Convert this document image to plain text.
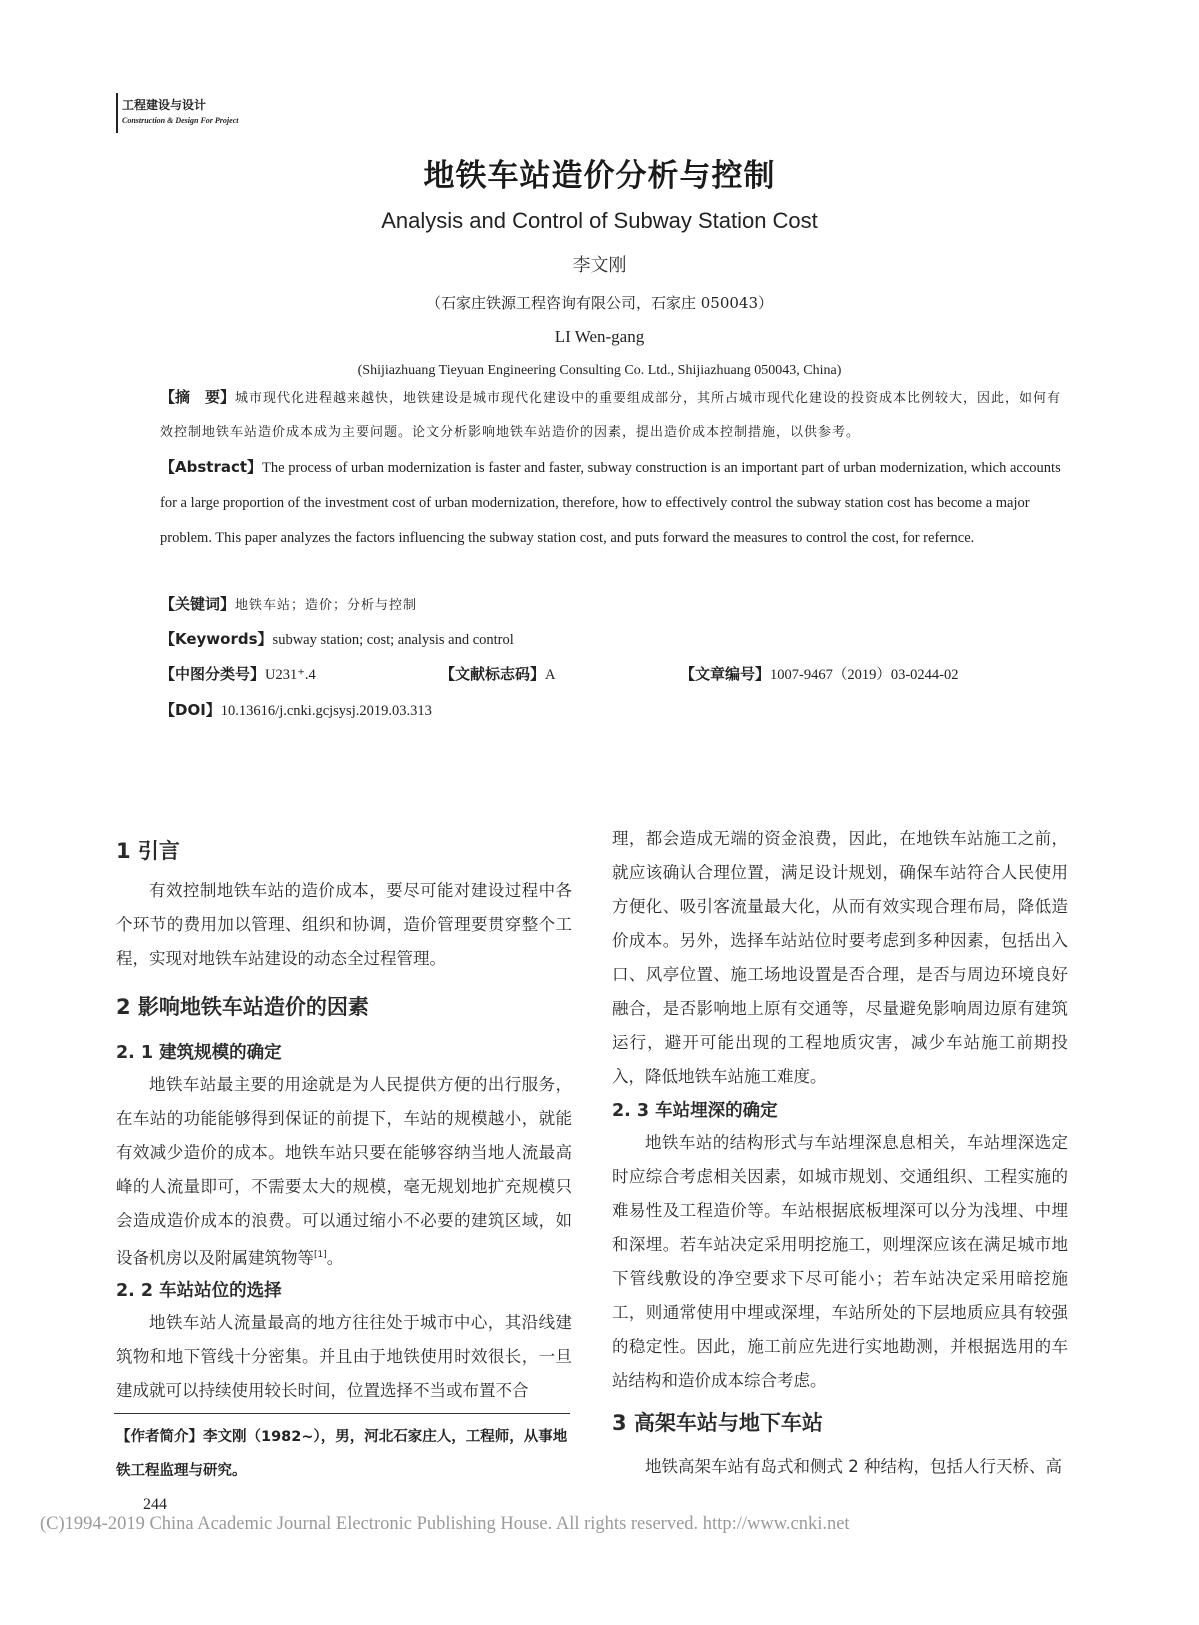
工程建设与设计
Construction & Design For Project
地铁车站造价分析与控制
Analysis and Control of Subway Station Cost
李文刚
（石家庄铁源工程咨询有限公司，石家庄 050043）
LI Wen-gang
(Shijiazhuang Tieyuan Engineering Consulting Co. Ltd., Shijiazhuang 050043, China)
【摘　要】城市现代化进程越来越快，地铁建设是城市现代化建设中的重要组成部分，其所占城市现代化建设的投资成本比例较大，因此，如何有效控制地铁车站造价成本成为主要问题。论文分析影响地铁车站造价的因素，提出造价成本控制措施，以供参考。
【Abstract】The process of urban modernization is faster and faster, subway construction is an important part of urban modernization, which accounts for a large proportion of the investment cost of urban modernization, therefore, how to effectively control the subway station cost has become a major problem. This paper analyzes the factors influencing the subway station cost, and puts forward the measures to control the cost, for refernce.
【关键词】地铁车站；造价；分析与控制
【Keywords】subway station; cost; analysis and control
【中图分类号】U231⁺.4	【文献标志码】A	【文章编号】1007-9467（2019）03-0244-02
【DOI】10.13616/j.cnki.gcjsysj.2019.03.313
1 引言

有效控制地铁车站的造价成本，要尽可能对建设过程中各个环节的费用加以管理、组织和协调，造价管理要贯穿整个工程，实现对地铁车站建设的动态全过程管理。

2 影响地铁车站造价的因素
2. 1 建筑规模的确定

地铁车站最主要的用途就是为人民提供方便的出行服务，在车站的功能能够得到保证的前提下，车站的规模越小，就能有效减少造价的成本。地铁车站只要在能够容纳当地人流最高峰的人流量即可，不需要太大的规模，毫无规划地扩充规模只会造成造价成本的浪费。可以通过缩小不必要的建筑区域，如设备机房以及附属建筑物等[1]。

2. 2 车站站位的选择

地铁车站人流量最高的地方往往处于城市中心，其沿线建筑物和地下管线十分密集。并且由于地铁使用时效很长，一旦建成就可以持续使用较长时间，位置选择不当或布置不合

【作者简介】李文刚（1982~），男，河北石家庄人，工程师，从事地铁工程监理与研究。

理，都会造成无端的资金浪费，因此，在地铁车站施工之前，就应该确认合理位置，满足设计规划，确保车站符合人民使用方便化、吸引客流量最大化，从而有效实现合理布局，降低造价成本。另外，选择车站站位时要考虑到多种因素，包括出入口、风亭位置、施工场地设置是否合理，是否与周边环境良好融合，是否影响地上原有交通等，尽量避免影响周边原有建筑运行，避开可能出现的工程地质灾害，减少车站施工前期投入，降低地铁车站施工难度。

2. 3 车站埋深的确定

地铁车站的结构形式与车站埋深息息相关，车站埋深选定时应综合考虑相关因素，如城市规划、交通组织、工程实施的难易性及工程造价等。车站根据底板埋深可以分为浅埋、中埋和深埋。若车站决定采用明挖施工，则埋深应该在满足城市地下管线敷设的净空要求下尽可能小；若车站决定采用暗挖施工，则通常使用中埋或深埋，车站所处的下层地质应具有较强的稳定性。因此，施工前应先进行实地勘测，并根据选用的车站结构和造价成本综合考虑。

3 高架车站与地下车站

地铁高架车站有岛式和侧式 2 种结构，包括人行天桥、高

244
(C)1994-2019 China Academic Journal Electronic Publishing House. All rights reserved. http://www.cnki.net
